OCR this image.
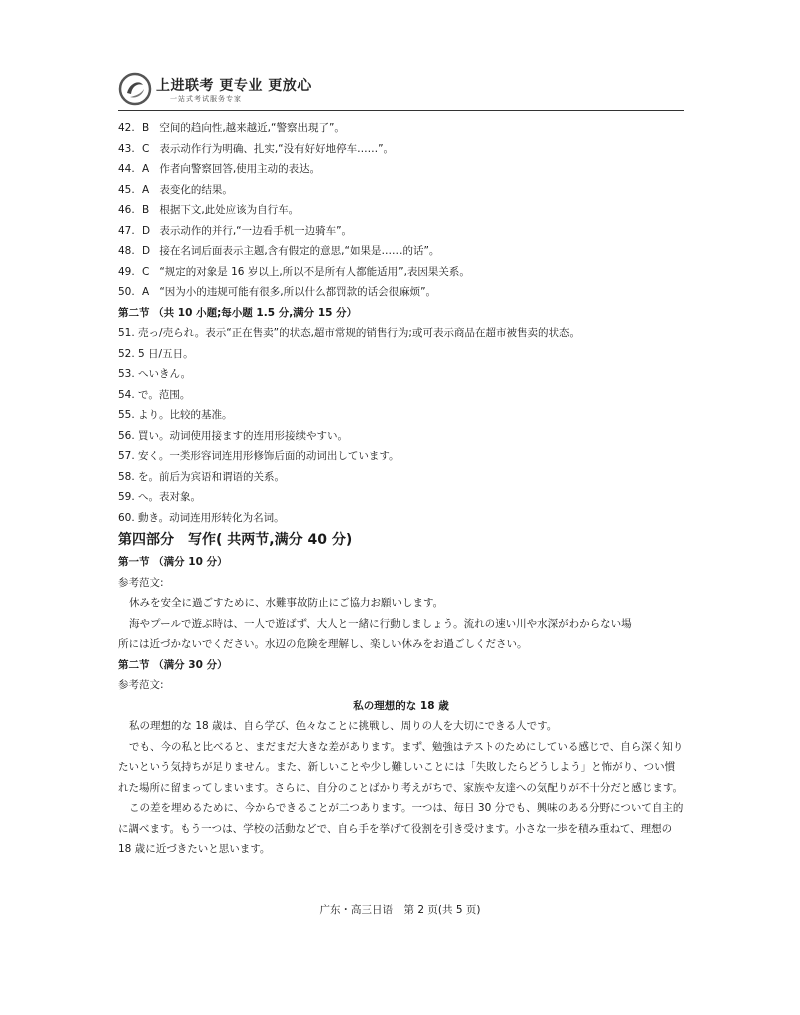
上进联考 更专业 更放心
一站式考试服务专家
42. B 空间的趋向性,越来越近,“警察出現了”。
43. C 表示动作行为明确、扎实,“没有好好地停车……”。
44. A 作者向警察回答,使用主动的表达。
45. A 表变化的结果。
46. B 根据下文,此处应该为自行车。
47. D 表示动作的并行,“一边看手机一边骑车”。
48. D 接在名词后面表示主题,含有假定的意思,“如果是……的话”。
49. C “规定的对象是 16 岁以上,所以不是所有人都能适用”,表因果关系。
50. A “因为小的违规可能有很多,所以什么都罚款的话会很麻烦”。
第二节 （共 10 小题;每小题 1.5 分,满分 15 分）
51. 売っ/売られ。表示“正在售卖”的状态,超市常规的销售行为;或可表示商品在超市被售卖的状态。
52. 5 日/五日。
53. へいきん。
54. で。范围。
55. より。比较的基准。
56. 買い。动词使用接ます的连用形接续やすい。
57. 安く。一类形容词连用形修饰后面的动词出しています。
58. を。前后为宾语和谓语的关系。
59. へ。表对象。
60. 動き。动词连用形转化为名词。
第四部分　写作( 共两节,满分 40 分)
第一节 （满分 10 分）
参考范文:
休みを安全に過ごすために、水難事故防止にご協力お願いします。
海やプールで遊ぶ時は、一人で遊ばず、大人と一緒に行動しましょう。流れの速い川や水深がわからない場
所には近づかないでください。水辺の危険を理解し、楽しい休みをお過ごしください。
第二节 （满分 30 分）
参考范文:
私の理想的な 18 歳
私の理想的な 18 歳は、自ら学び、色々なことに挑戦し、周りの人を大切にできる人です。
でも、今の私と比べると、まだまだ大きな差があります。まず、勉強はテストのためにしている感じで、自ら深く知りたいという気持ちが足りません。また、新しいことや少し難しいことには「失敗したらどうしよう」と怖がり、つい慣れた場所に留まってしまいます。さらに、自分のことばかり考えがちで、家族や友達への気配りが不十分だと感じます。
この差を埋めるために、今からできることが二つあります。一つは、毎日 30 分でも、興味のある分野について自主的に調べます。もう一つは、学校の活動などで、自ら手を挙げて役割を引き受けます。小さな一歩を積み重ねて、理想の 18 歳に近づきたいと思います。
广东・高三日语　第 2 页(共 5 页)
